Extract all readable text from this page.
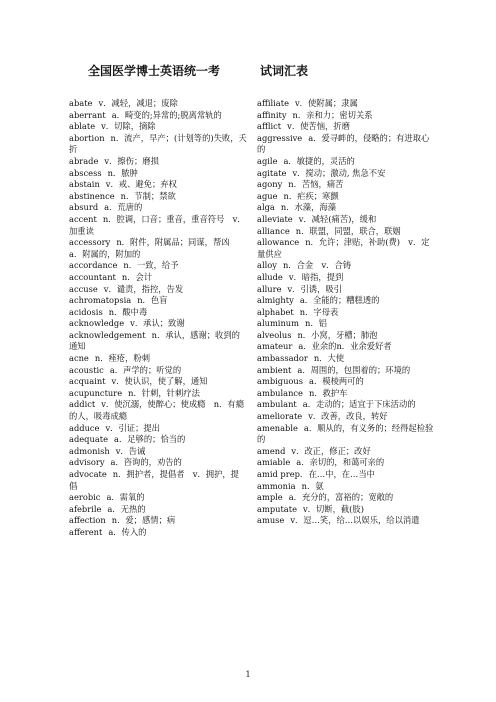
全国医学博士英语统一考	试词汇表

abate v．减轻，减退；废除

aberrant a．畸变的;异常的;脱离常轨的

ablate v．切除，摘除

abortion n．流产，早产；(计划等的)失败，夭折

abrade v．擦伤；磨损

abscess n．脓肿

abstain v．戒、避免；弃权

abstinence n．节制；禁欲

absurd a．荒唐的

accent n．腔调，口音；重音，重音符号　v．加重读

accessory n．附件，附属品；同谋，帮凶　a．附属的，附加的

accordance n．一致，给予

accountant n．会计

accuse v．谴责，指控，告发

achromatopsia n．色盲

acidosis n．酸中毒

acknowledge v．承认；致谢

acknowledgement n．承认，感谢；收到的通知

acne n．痤疮，粉刺

acoustic a．声学的；听觉的

acquaint v．使认识，使了解，通知

acupuncture n．针刺，针刺疗法

addict v．使沉溺，使醉心；使成瘾　n．有瘾的人，吸毒成瘾

adduce v．引证；提出

adequate a．足够的；恰当的

admonish v．告诫

advisory a．咨询的，劝告的

advocate n．拥护者，提倡者　v．拥护，提倡

aerobic a．需氧的

afebrile a．无热的

affection n．爱；感情；病

afferent a．传入的

affiliate v．使附属；隶属

affinity n．亲和力；密切关系

afflict v．使苦恼，折磨

aggressive a．爱寻衅的，侵略的；有进取心的

agile a．敏捷的，灵活的

agitate v．搅动；激动, 焦急不安

agony n．苦恼，痛苦

ague n．疟疾；寒颤

alga n．水藻，海藻

alleviate v．减轻(痛苦)，缓和

alliance n．联盟，同盟，联合，联姻

allowance n．允许；津贴，补助(费)　v．定量供应

alloy n．合金　v．合铸

allude v．暗指，提到

allure v．引诱，吸引

almighty a．全能的；糟糕透的

alphabet n．字母表

aluminum n．铝

alveolus n．小窝，牙槽；肺泡

amateur a．业余的n．业余爱好者

ambassador n．大使

ambient a．周围的，包围着的；环境的

ambiguous a．模棱两可的

ambulance n．救护车

ambulant a．走动的；适宜于下床活动的

ameliorate v．改善，改良，转好

amenable a．顺从的，有义务的；经得起检验的

amend v．改正，修正；改好

amiable a．亲切的，和蔼可亲的

amid prep. 在…中，在…当中

ammonia n．氨

ample a．充分的，富裕的；宽敞的

amputate v．切断，截(肢)

amuse v．逗…笑，给…以娱乐，给以消遣

1
